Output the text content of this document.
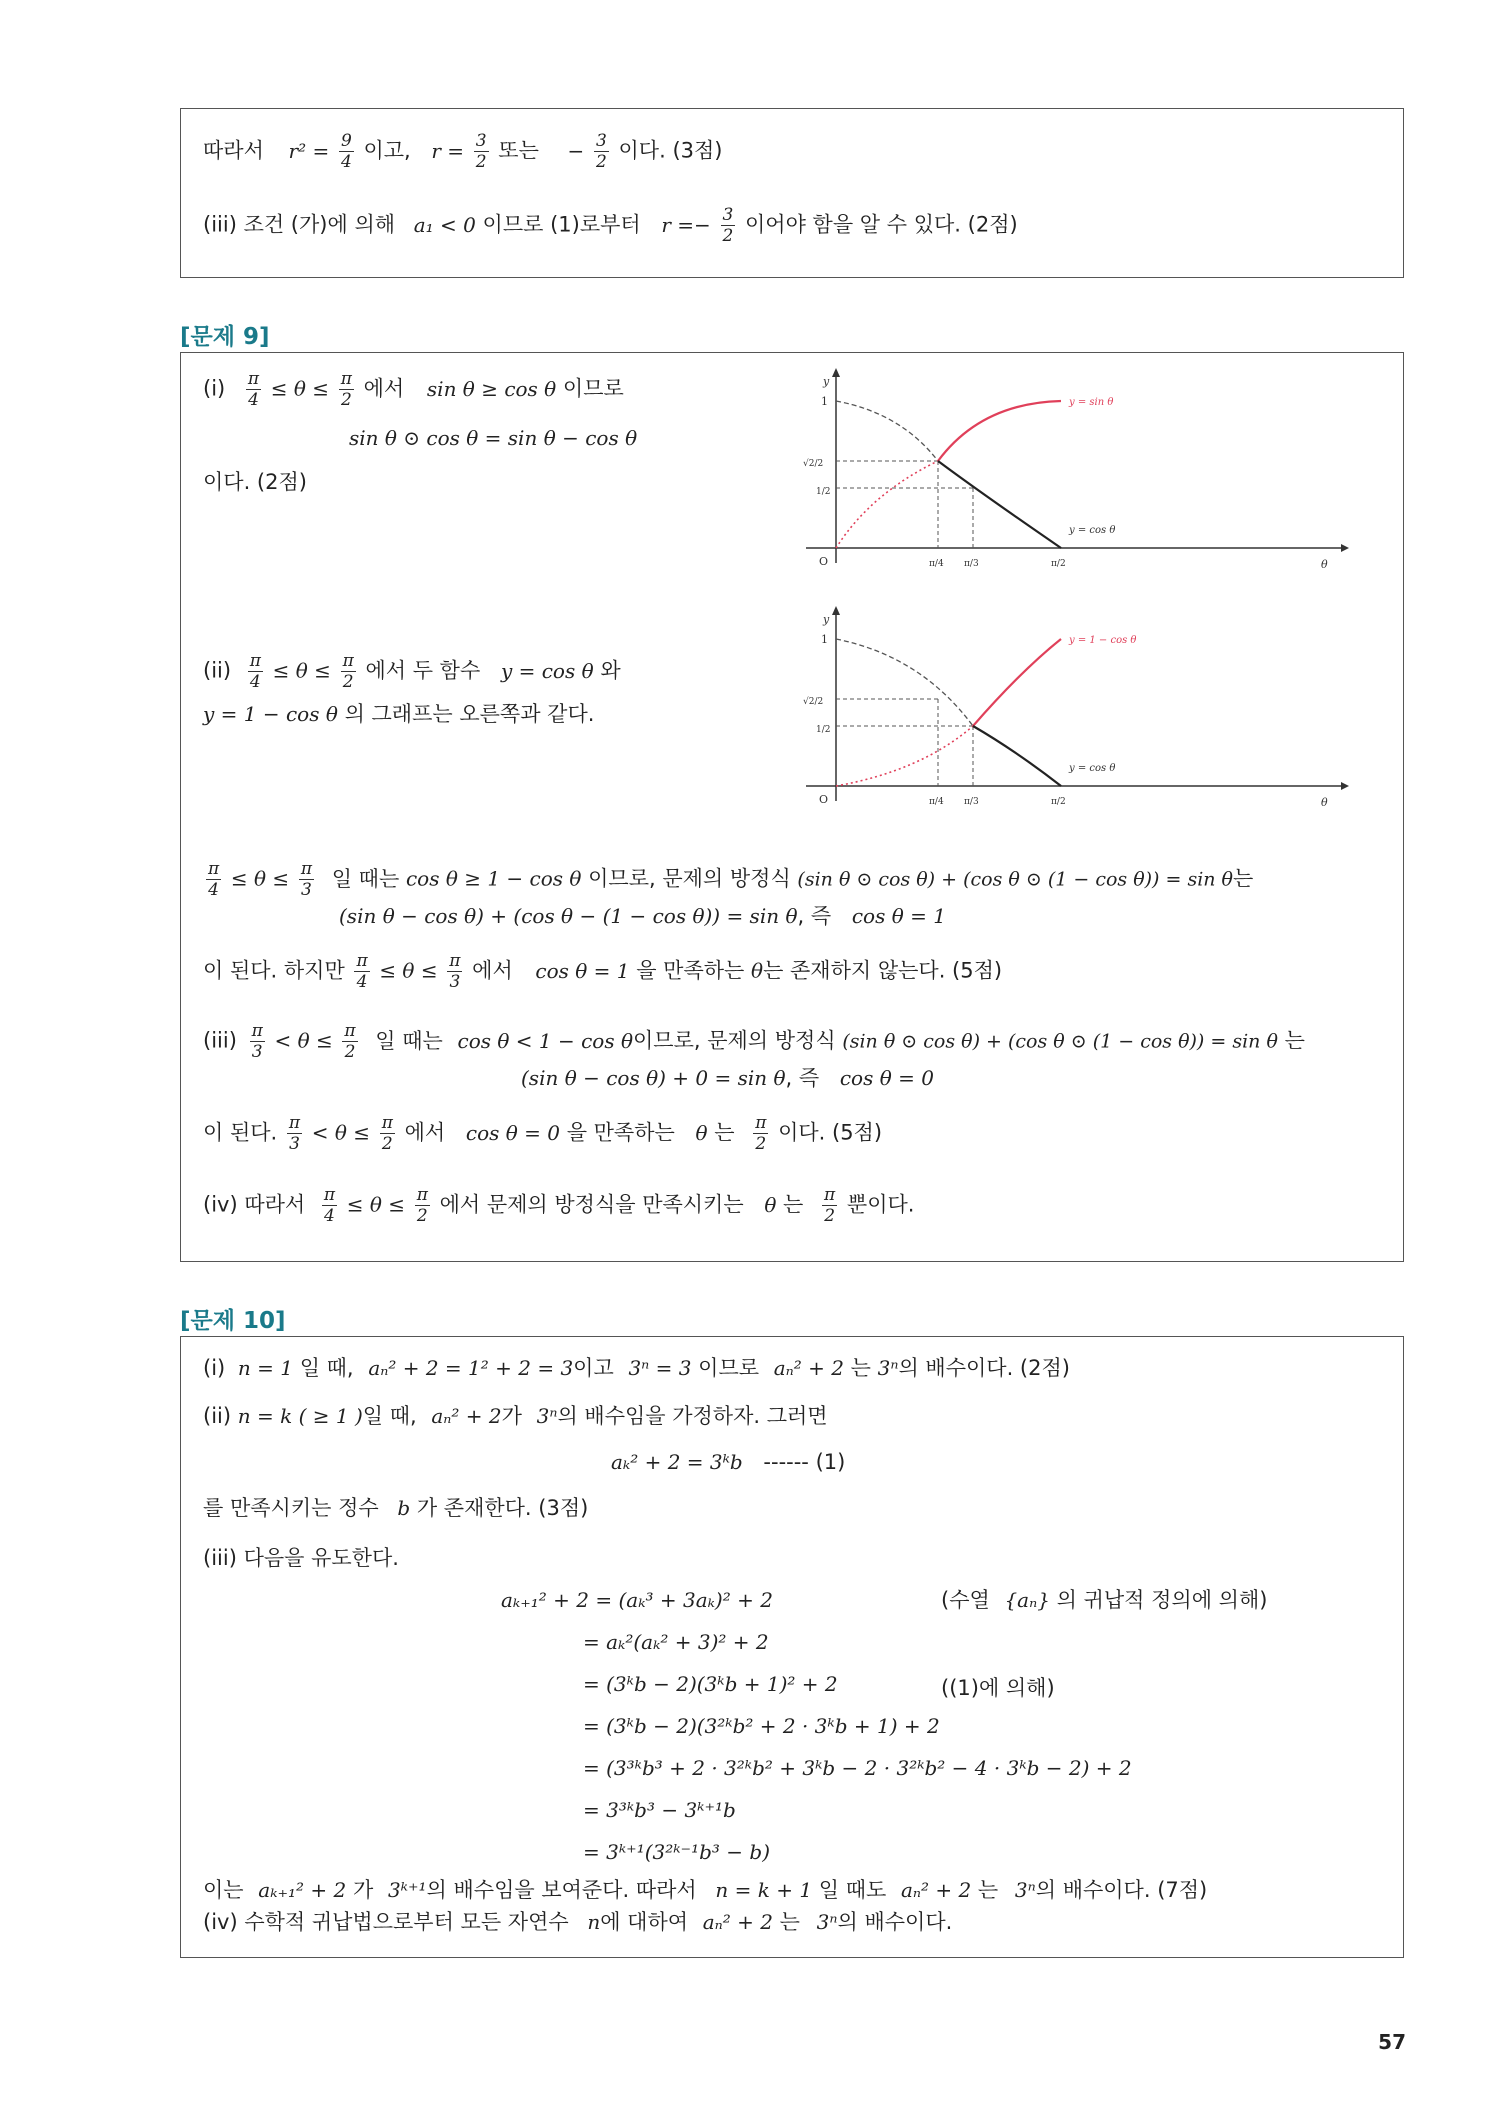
따라서 $r^2 = \frac{9}{4}$ 이고, $r = \frac{3}{2}$ 또는 − $\frac{3}{2}$ 이다. (3점)
(iii) 조건 (가)에 의해 a₁ < 0 이므로 (1)로부터 $r =- \frac{3}{2}$ 이어야 함을 알 수 있다. (2점)
[문제 9]
$(i) \frac{\pi}{4} \le \theta \le \frac{\pi}{2}$ 에서 sin θ ≥ cos θ 이므로
sin θ ⊙ cos θ = sin θ − cos θ
이다. (2점)
$(ii) \frac{\pi}{4} \le \theta \le \frac{\pi}{2}$ 에서 두 함수 y = cos θ 와
y = 1 − cos θ 의 그래프는 오른쪽과 같다.
$\frac{\pi}{4} \le \theta \le \frac{\pi}{3}$ 일 때는 cos θ ≥ 1 − cos θ 이므로, 문제의 방정식 (sin θ ⊙ cos θ) + (cos θ ⊙ (1 − cos θ)) = sin θ는
(sin θ − cos θ) + (cos θ − (1 − cos θ)) = sin θ, 즉 cos θ = 1
이 된다. 하지만 $\frac{\pi}{4} \le \theta \le \frac{\pi}{3}$ 에서 cos θ = 1 을 만족하는 θ는 존재하지 않는다. (5점)
$(iii) \frac{\pi}{3} < \theta \le \frac{\pi}{2}$ 일 때는 cos θ < 1 − cos θ이므로, 문제의 방정식 (sin θ ⊙ cos θ) + (cos θ ⊙ (1 − cos θ)) = sin θ 는
(sin θ − cos θ) + 0 = sin θ, 즉 cos θ = 0
이 된다. $\frac{\pi}{3} < \theta \le \frac{\pi}{2}$ 에서 cos θ = 0 을 만족하는 θ 는 $\frac{\pi}{2}$ 이다. (5점)
(iv) 따라서 $\frac{\pi}{4} \le \theta \le \frac{\pi}{2}$ 에서 문제의 방정식을 만족시키는 θ 는 $\frac{\pi}{2}$ 뿐이다.
y
θ
O
1
√2/2
1/2
y = sin θ
y = cos θ
π/4 π/3	π/2
y
θ
O
1
√2/2
1/2
y = 1 − cos θ
y = cos θ
π/4 π/3	π/2
[문제 10]
(i) n = 1 일 때, aₙ² + 2 = 1² + 2 = 3이고 3ⁿ = 3 이므로 aₙ² + 2 는 3ⁿ의 배수이다. (2점)
(ii) n = k ( ≥ 1 )일 때, aₙ² + 2가 3ⁿ의 배수임을 가정하자. 그러면
aₖ² + 2 = 3ᵏb ------ (1)
를 만족시키는 정수 b 가 존재한다. (3점)
(iii) 다음을 유도한다.
aₖ₊₁² + 2 = (aₖ³ + 3aₖ)² + 2	(수열 {aₙ} 의 귀납적 정의에 의해)
= aₖ²(aₖ² + 3)² + 2
= (3ᵏb − 2)(3ᵏb + 1)² + 2	((1)에 의해)
= (3ᵏb − 2)(3²ᵏb² + 2 · 3ᵏb + 1) + 2
= (3³ᵏb³ + 2 · 3²ᵏb² + 3ᵏb − 2 · 3²ᵏb² − 4 · 3ᵏb − 2) + 2
= 3³ᵏb³ − 3ᵏ⁺¹b
= 3ᵏ⁺¹(3²ᵏ⁻¹b³ − b)
이는 aₖ₊₁² + 2 가 3ᵏ⁺¹의 배수임을 보여준다. 따라서 n = k + 1 일 때도 aₙ² + 2 는 3ⁿ의 배수이다. (7점)
(iv) 수학적 귀납법으로부터 모든 자연수 n에 대하여 aₙ² + 2 는 3ⁿ의 배수이다.
57
